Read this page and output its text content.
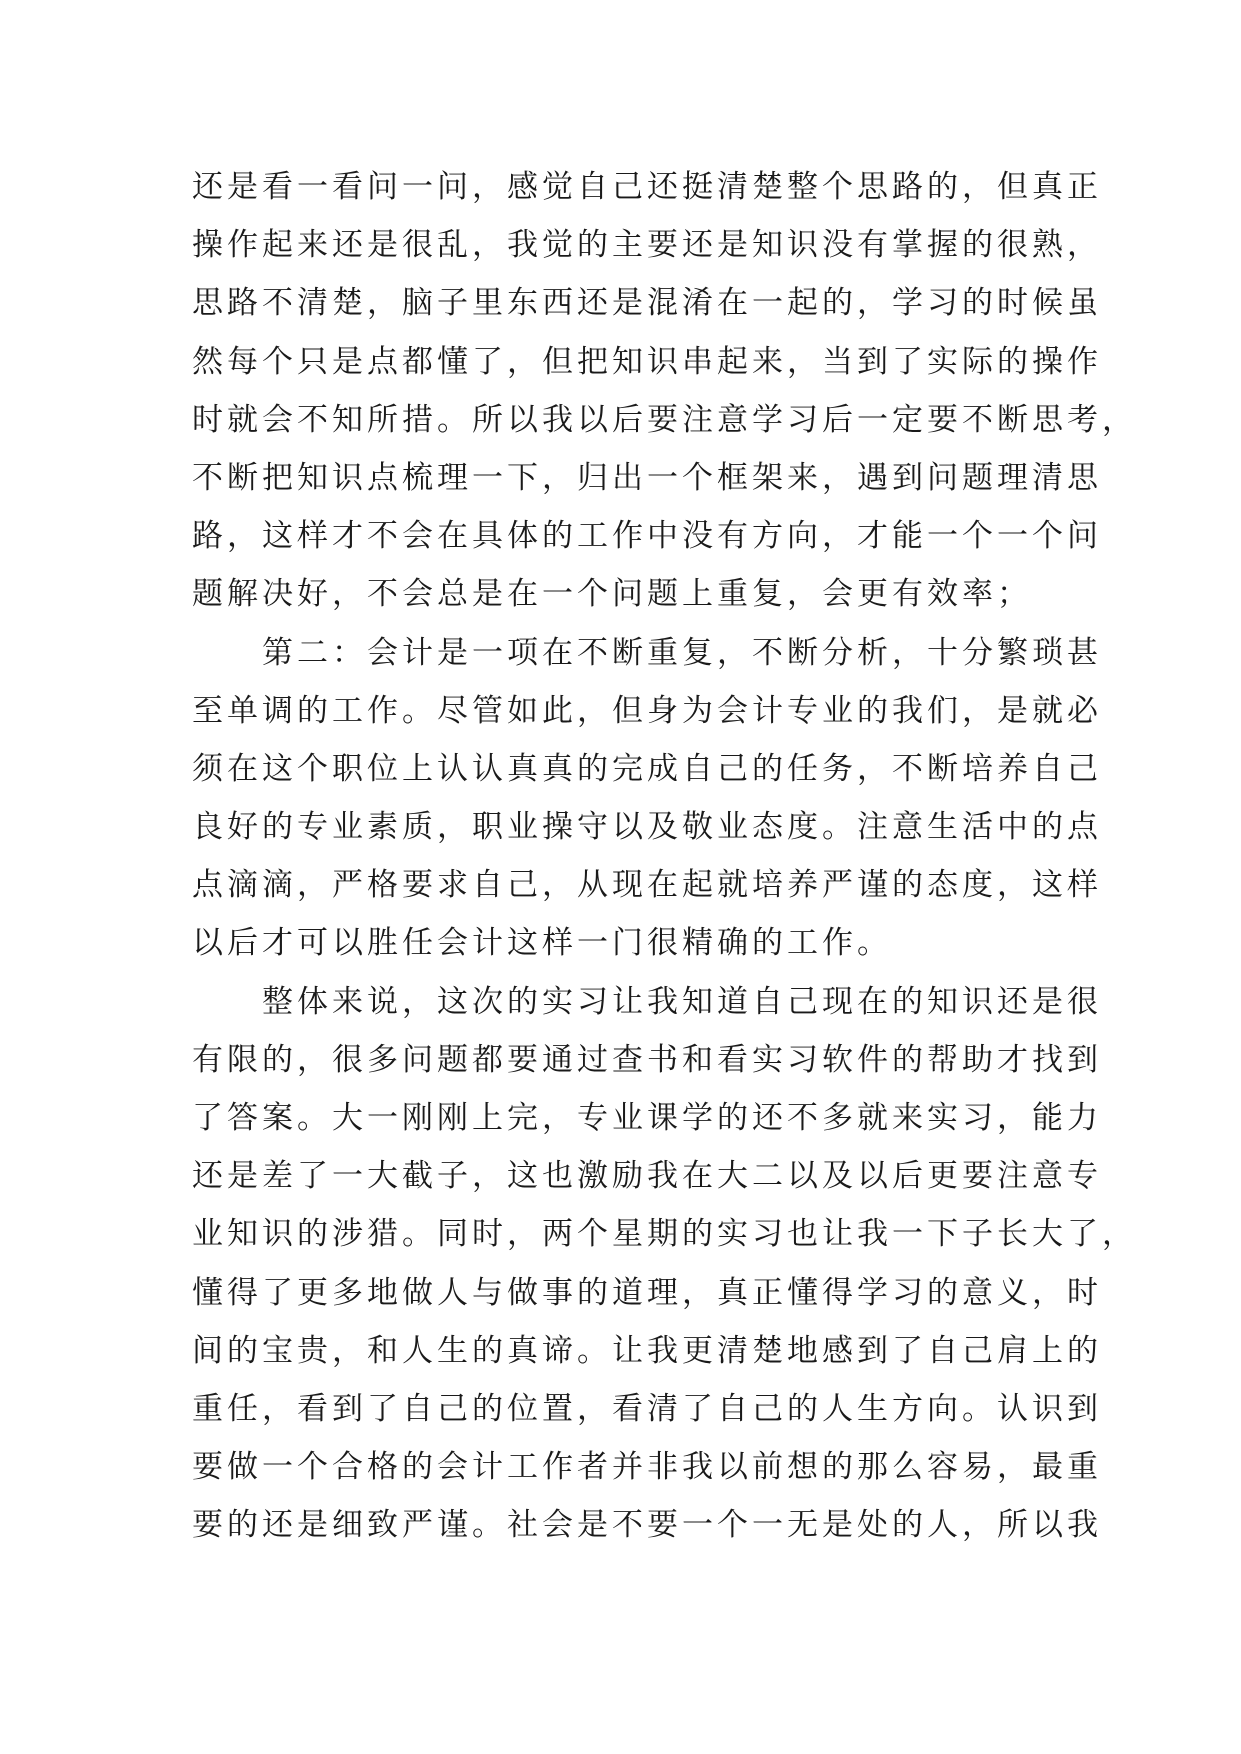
还是看一看问一问，感觉自己还挺清楚整个思路的，但真正
操作起来还是很乱，我觉的主要还是知识没有掌握的很熟，
思路不清楚，脑子里东西还是混淆在一起的，学习的时候虽
然每个只是点都懂了，但把知识串起来，当到了实际的操作
时就会不知所措。所以我以后要注意学习后一定要不断思考，
不断把知识点梳理一下，归出一个框架来，遇到问题理清思
路，这样才不会在具体的工作中没有方向，才能一个一个问
题解决好，不会总是在一个问题上重复，会更有效率；
第二：会计是一项在不断重复，不断分析，十分繁琐甚
至单调的工作。尽管如此，但身为会计专业的我们，是就必
须在这个职位上认认真真的完成自己的任务，不断培养自己
良好的专业素质，职业操守以及敬业态度。注意生活中的点
点滴滴，严格要求自己，从现在起就培养严谨的态度，这样
以后才可以胜任会计这样一门很精确的工作。
整体来说，这次的实习让我知道自己现在的知识还是很
有限的，很多问题都要通过查书和看实习软件的帮助才找到
了答案。大一刚刚上完，专业课学的还不多就来实习，能力
还是差了一大截子，这也激励我在大二以及以后更要注意专
业知识的涉猎。同时，两个星期的实习也让我一下子长大了，
懂得了更多地做人与做事的道理，真正懂得学习的意义，时
间的宝贵，和人生的真谛。让我更清楚地感到了自己肩上的
重任，看到了自己的位置，看清了自己的人生方向。认识到
要做一个合格的会计工作者并非我以前想的那么容易，最重
要的还是细致严谨。社会是不要一个一无是处的人，所以我
